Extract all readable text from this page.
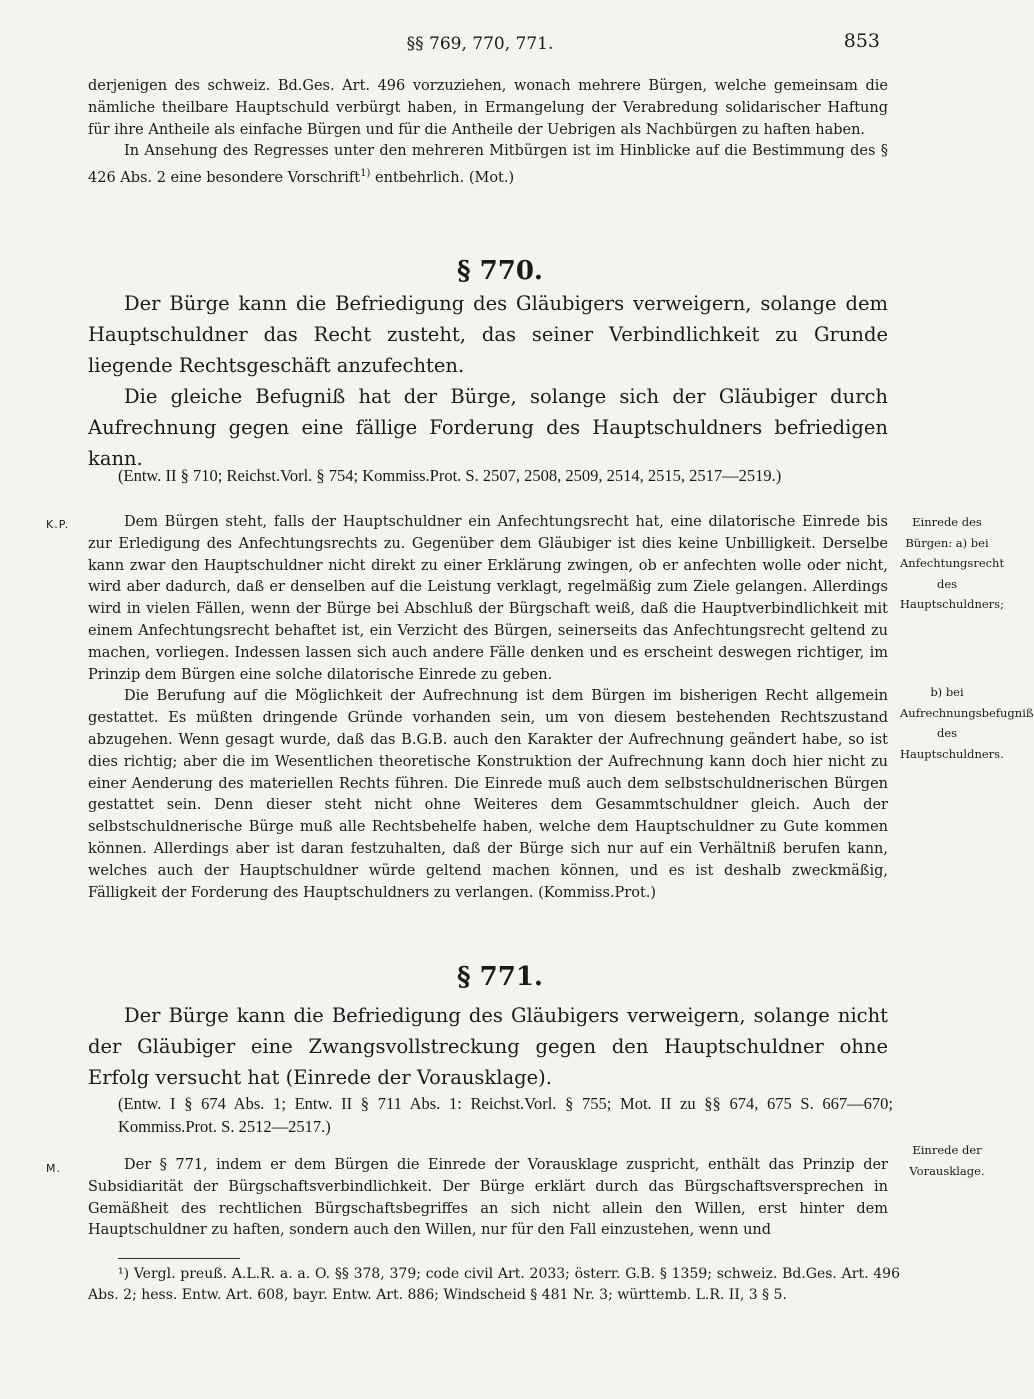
§§ 769, 770, 771.	853

derjenigen des schweiz. Bd.Ges. Art. 496 vorzuziehen, wonach mehrere Bürgen, welche gemeinsam die nämliche theilbare Hauptschuld verbürgt haben, in Ermangelung der Verabredung solidarischer Haftung für ihre Antheile als einfache Bürgen und für die Antheile der Uebrigen als Nachbürgen zu haften haben.

In Ansehung des Regresses unter den mehreren Mitbürgen ist im Hinblicke auf die Bestimmung des § 426 Abs. 2 eine besondere Vorschrift$^{1)}$ entbehrlich. (Mot.)

§ 770.

Der Bürge kann die Befriedigung des Gläubigers verweigern, solange dem Hauptschuldner das Recht zusteht, das seiner Verbindlichkeit zu Grunde liegende Rechtsgeschäft anzufechten.

Die gleiche Befugniß hat der Bürge, solange sich der Gläubiger durch Aufrechnung gegen eine fällige Forderung des Hauptschuldners befriedigen kann.

(Entw. II § 710; Reichst.Vorl. § 754; Kommiss.Prot. S. 2507, 2508, 2509, 2514, 2515, 2517—2519.)

K.P.	Dem Bürgen steht, falls der Hauptschuldner ein Anfechtungsrecht hat, eine dilatorische Einrede bis zur Erledigung des Anfechtungsrechts zu. Gegenüber dem Gläubiger ist dies keine Unbilligkeit. Derselbe kann zwar den Hauptschuldner nicht direkt zu einer Erklärung zwingen, ob er anfechten wolle oder nicht, wird aber dadurch, daß er denselben auf die Leistung verklagt, regelmäßig zum Ziele gelangen. Allerdings wird in vielen Fällen, wenn der Bürge bei Abschluß der Bürgschaft weiß, daß die Hauptverbindlichkeit mit einem Anfechtungsrecht behaftet ist, ein Verzicht des Bürgen, seinerseits das Anfechtungsrecht geltend zu machen, vorliegen. Indessen lassen sich auch andere Fälle denken und es erscheint deswegen richtiger, im Prinzip dem Bürgen eine solche dilatorische Einrede zu geben.

Die Berufung auf die Möglichkeit der Aufrechnung ist dem Bürgen im bisherigen Recht allgemein gestattet. Es müßten dringende Gründe vorhanden sein, um von diesem bestehenden Rechtszustand abzugehen. Wenn gesagt wurde, daß das B.G.B. auch den Karakter der Aufrechnung geändert habe, so ist dies richtig; aber die im Wesentlichen theoretische Konstruktion der Aufrechnung kann doch hier nicht zu einer Aenderung des materiellen Rechts führen. Die Einrede muß auch dem selbstschuldnerischen Bürgen gestattet sein. Denn dieser steht nicht ohne Weiteres dem Gesammtschuldner gleich. Auch der selbstschuldnerische Bürge muß alle Rechtsbehelfe haben, welche dem Hauptschuldner zu Gute kommen können. Allerdings aber ist daran festzuhalten, daß der Bürge sich nur auf ein Verhältniß berufen kann, welches auch der Hauptschuldner würde geltend machen können, und es ist deshalb zweckmäßig, Fälligkeit der Forderung des Hauptschuldners zu verlangen. (Kommiss.Prot.)

Einrede des Bürgen: a) bei Anfechtungsrecht des Hauptschuldners;
b) bei Aufrechnungsbefugniß des Hauptschuldners.
§ 771.

Der Bürge kann die Befriedigung des Gläubigers verweigern, solange nicht der Gläubiger eine Zwangsvollstreckung gegen den Hauptschuldner ohne Erfolg versucht hat (Einrede der Vorausklage).

(Entw. I § 674 Abs. 1; Entw. II § 711 Abs. 1: Reichst.Vorl. § 755; Mot. II zu §§ 674, 675 S. 667—670; Kommiss.Prot. S. 2512—2517.)

M.	Der § 771, indem er dem Bürgen die Einrede der Vorausklage zuspricht, enthält das Prinzip der Subsidiarität der Bürgschaftsverbindlichkeit. Der Bürge erklärt durch das Bürgschaftsversprechen in Gemäßheit des rechtlichen Bürgschaftsbegriffes an sich nicht allein den Willen, erst hinter dem Hauptschuldner zu haften, sondern auch den Willen, nur für den Fall einzustehen, wenn und

Einrede der Vorausklage.

¹) Vergl. preuß. A.L.R. a. a. O. §§ 378, 379; code civil Art. 2033; österr. G.B. § 1359; schweiz. Bd.Ges. Art. 496 Abs. 2; hess. Entw. Art. 608, bayr. Entw. Art. 886; Windscheid § 481 Nr. 3; württemb. L.R. II, 3 § 5.
